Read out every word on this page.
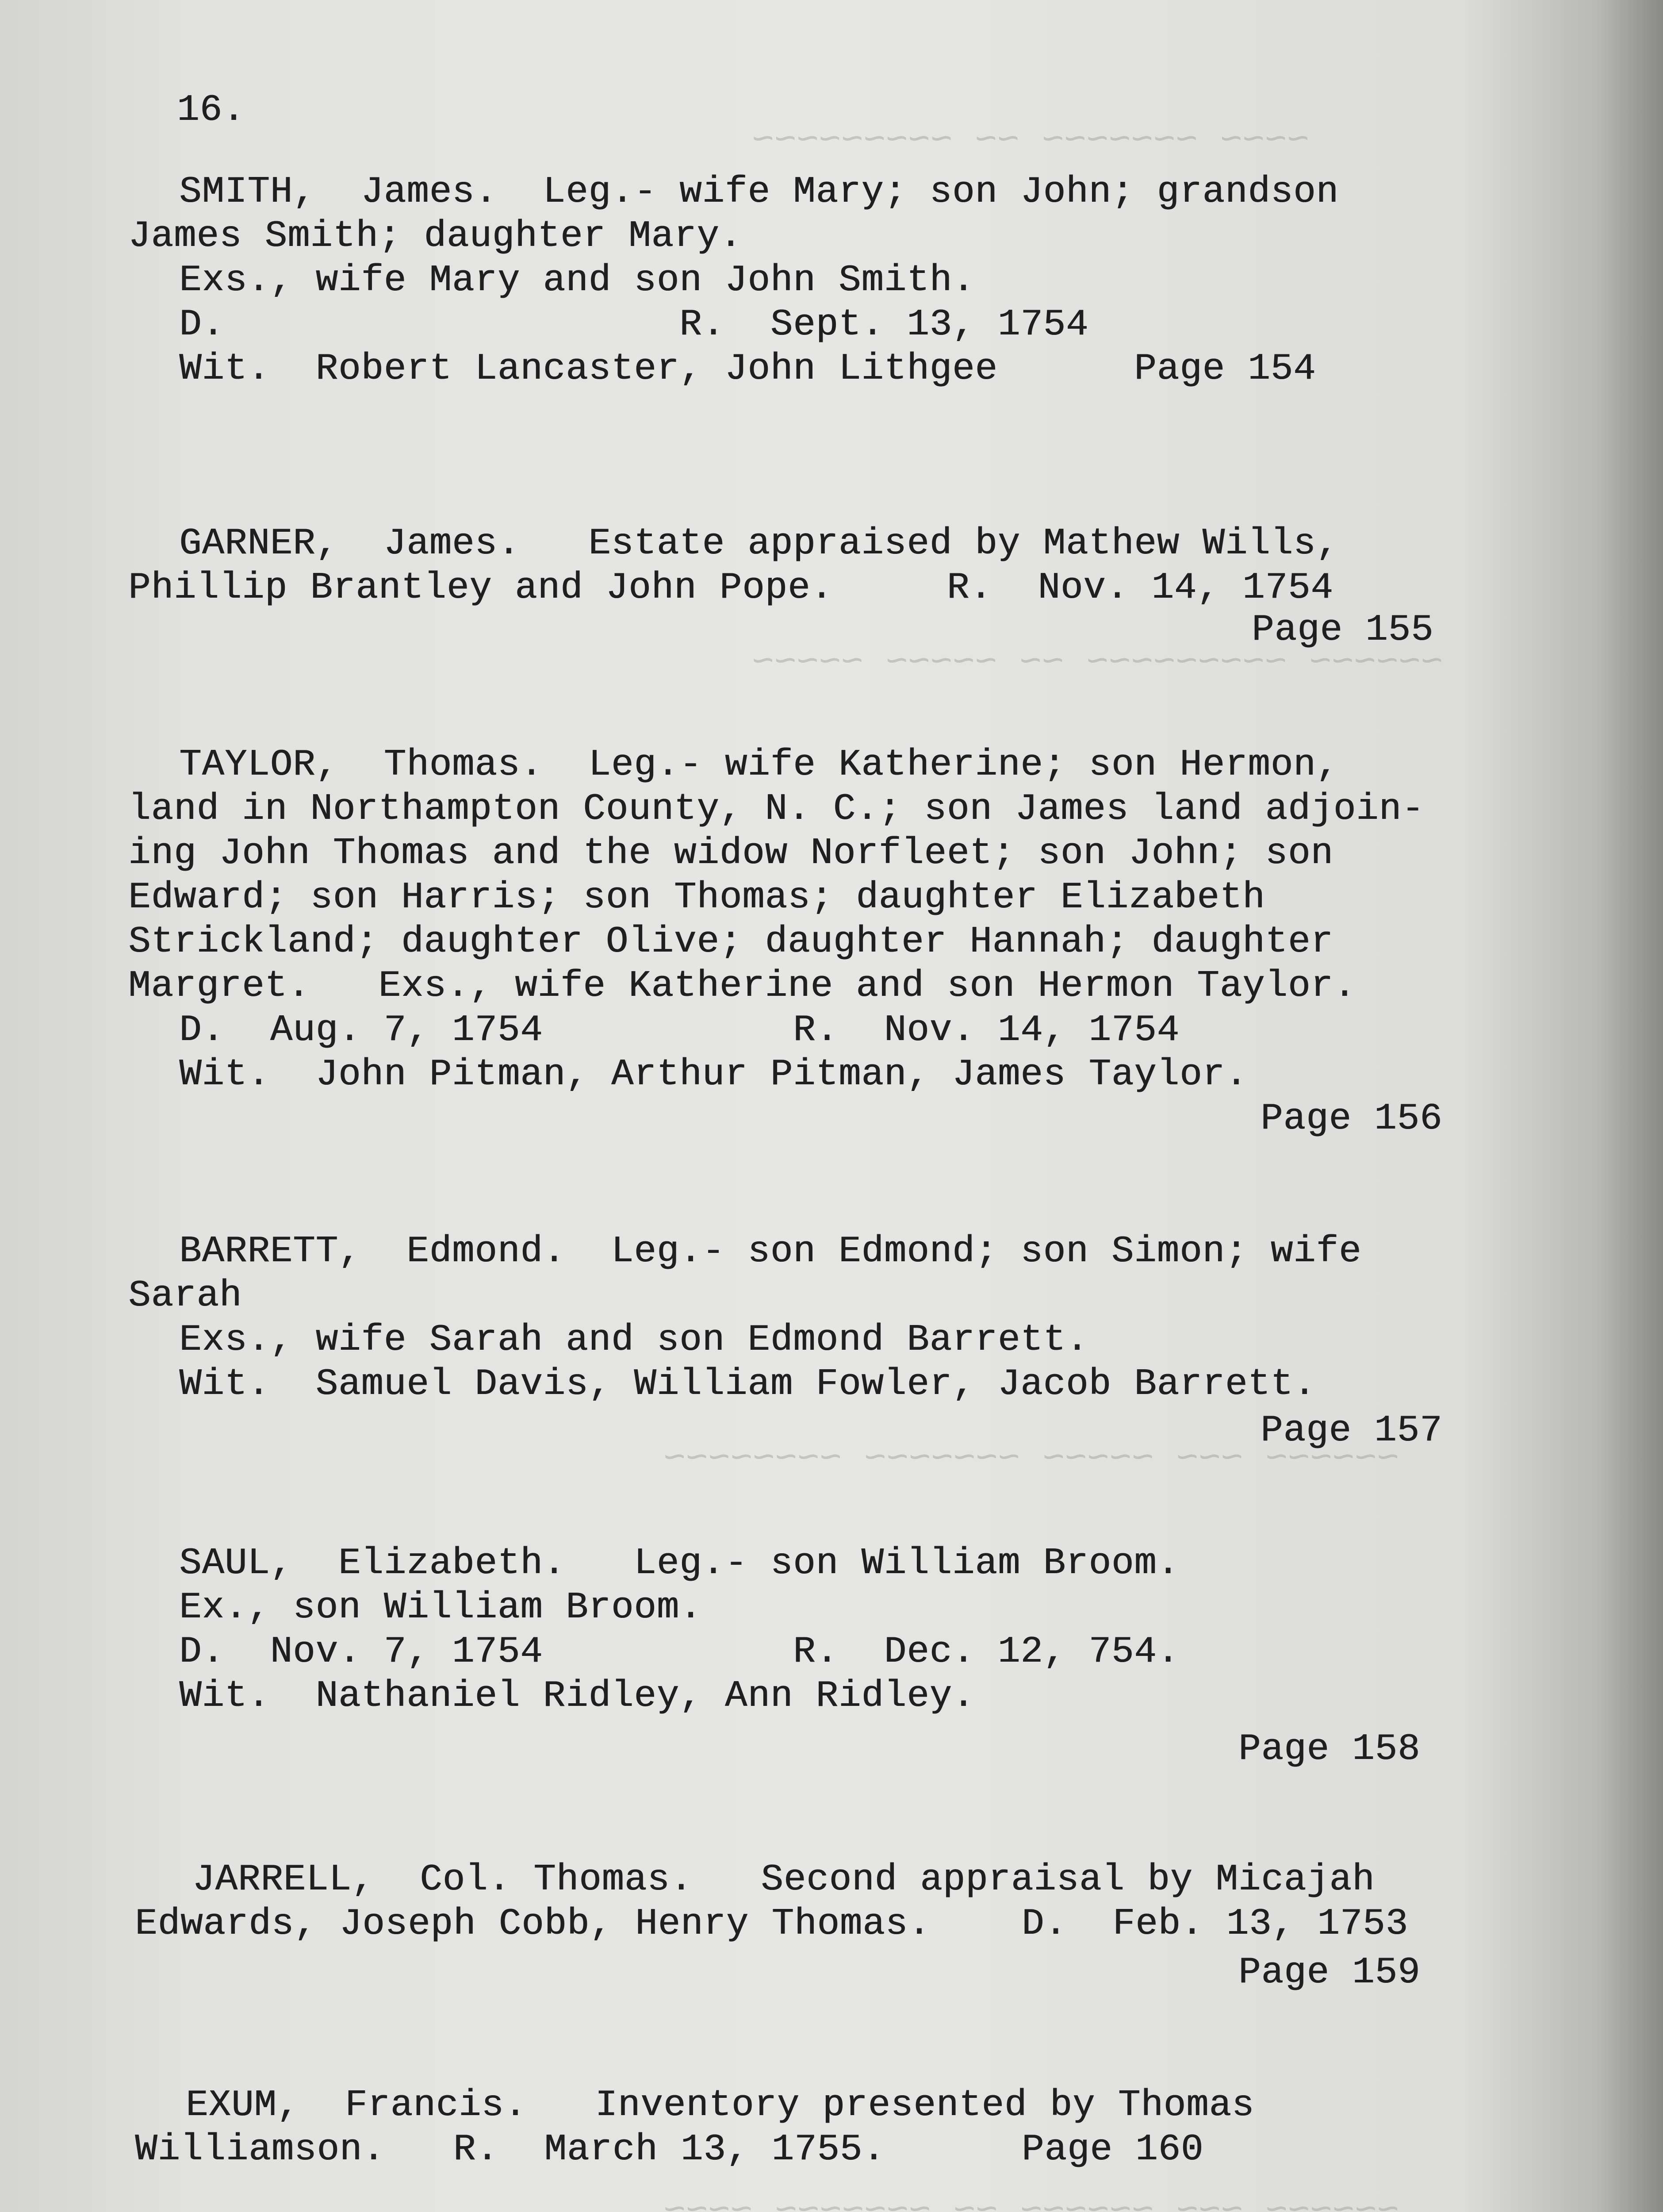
~~~~ ~~~~~~~ ~~ ~~~~~~~~~
~~~~~~ ~~~~~~~~~ ~~ ~~~~~ ~~~~~
~~~~~~ ~~~ ~~~~~ ~~~~~~~ ~~~~~~~~
~~~~~~ ~~~ ~~~~~~ ~~ ~~~~~~~ ~~~~
16.
SMITH,  James.  Leg.- wife Mary; son John; grandson
James Smith; daughter Mary.
Exs., wife Mary and son John Smith.
D.                    R.  Sept. 13, 1754
Wit.  Robert Lancaster, John Lithgee      Page 154
GARNER,  James.   Estate appraised by Mathew Wills,
Phillip Brantley and John Pope.     R.  Nov. 14, 1754
Page 155
TAYLOR,  Thomas.  Leg.- wife Katherine; son Hermon,
land in Northampton County, N. C.; son James land adjoin-
ing John Thomas and the widow Norfleet; son John; son
Edward; son Harris; son Thomas; daughter Elizabeth
Strickland; daughter Olive; daughter Hannah; daughter
Margret.   Exs., wife Katherine and son Hermon Taylor.
D.  Aug. 7, 1754           R.  Nov. 14, 1754
Wit.  John Pitman, Arthur Pitman, James Taylor.
Page 156
BARRETT,  Edmond.  Leg.- son Edmond; son Simon; wife
Sarah
Exs., wife Sarah and son Edmond Barrett.
Wit.  Samuel Davis, William Fowler, Jacob Barrett.
Page 157
SAUL,  Elizabeth.   Leg.- son William Broom.
Ex., son William Broom.
D.  Nov. 7, 1754           R.  Dec. 12, 754.
Wit.  Nathaniel Ridley, Ann Ridley.
Page 158
JARRELL,  Col. Thomas.   Second appraisal by Micajah
Edwards, Joseph Cobb, Henry Thomas.    D.  Feb. 13, 1753
Page 159
EXUM,  Francis.   Inventory presented by Thomas
Williamson.   R.  March 13, 1755.      Page 160
